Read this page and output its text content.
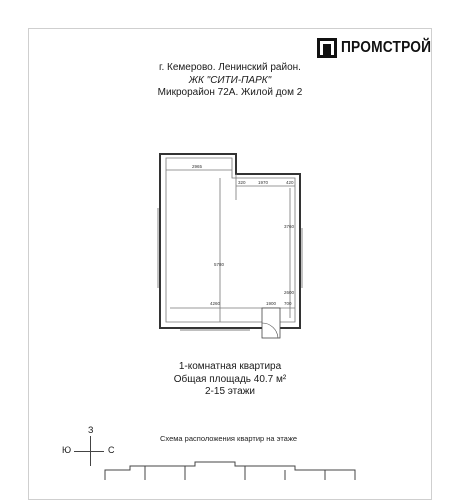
ПРОМСТРОЙ
г. Кемерово. Ленинский район.
ЖК "СИТИ-ПАРК"
Микрорайон 72А. Жилой дом 2
2965
320	1970	420
3760
5780
2600
4260	1900 700
1-комнатная квартира
Общая площадь 40.7 м²
2-15 этажи
З
Ю	С
Схема расположения квартир на этаже
